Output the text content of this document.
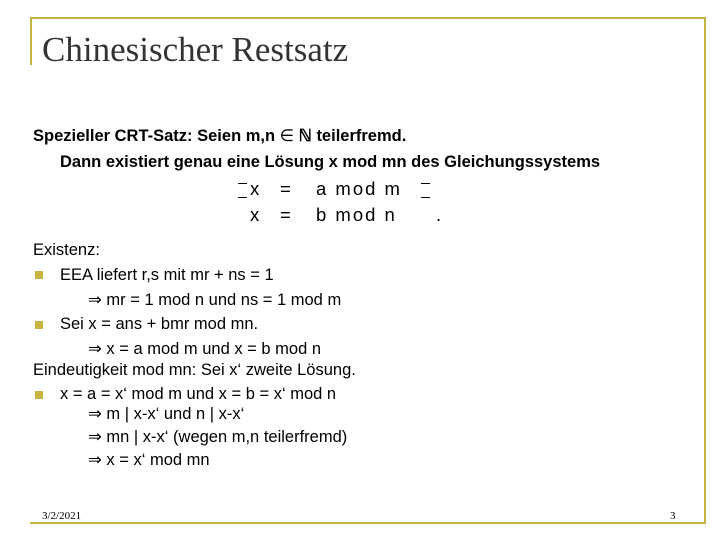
Chinesischer Restsatz
Spezieller CRT-Satz: Seien m,n ∈ ℕ teilerfremd.
Dann existiert genau eine Lösung x mod mn des Gleichungssystems
x = a mod m
x = b mod n .
Existenz:
EEA liefert r,s mit mr + ns = 1
⇒ mr = 1 mod n und ns = 1 mod m
Sei x = ans + bmr mod mn.
⇒ x = a mod m und x = b mod n
Eindeutigkeit mod mn: Sei x‘ zweite Lösung.
x = a = x‘ mod m und x = b = x‘ mod n
⇒ m | x-x‘ und n | x-x‘
⇒ mn | x-x‘ (wegen m,n teilerfremd)
⇒ x = x‘ mod mn
3/2/2021	3
